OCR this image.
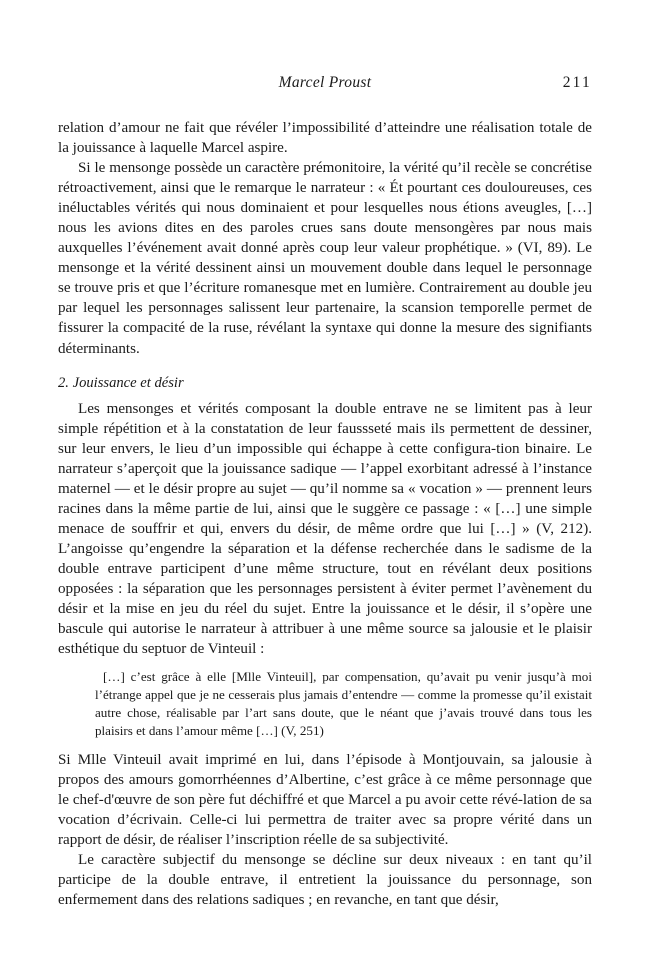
Marcel Proust	211

relation d’amour ne fait que révéler l’impossibilité d’atteindre une réalisation totale de la jouissance à laquelle Marcel aspire.

Si le mensonge possède un caractère prémonitoire, la vérité qu’il recèle se concrétise rétroactivement, ainsi que le remarque le narrateur : « Ét pourtant ces douloureuses, ces inéluctables vérités qui nous dominaient et pour lesquelles nous étions aveugles, […] nous les avions dites en des paroles crues sans doute mensongères par nous mais auxquelles l’événement avait donné après coup leur valeur prophétique. » (VI, 89). Le mensonge et la vérité dessinent ainsi un mouvement double dans lequel le personnage se trouve pris et que l’écriture romanesque met en lumière. Contrairement au double jeu par lequel les personnages salissent leur partenaire, la scansion temporelle permet de fissurer la compacité de la ruse, révélant la syntaxe qui donne la mesure des signifiants déterminants.

2. Jouissance et désir

Les mensonges et vérités composant la double entrave ne se limitent pas à leur simple répétition et à la constatation de leur faussseté mais ils permettent de dessiner, sur leur envers, le lieu d’un impossible qui échappe à cette configura-tion binaire. Le narrateur s’aperçoit que la jouissance sadique — l’appel exorbitant adressé à l’instance maternel — et le désir propre au sujet — qu’il nomme sa « vocation » — prennent leurs racines dans la même partie de lui, ainsi que le suggère ce passage : « […] une simple menace de souffrir et qui, envers du désir, de même ordre que lui […] » (V, 212). L’angoisse qu’engendre la séparation et la défense recherchée dans le sadisme de la double entrave participent d’une même structure, tout en révélant deux positions opposées : la séparation que les personnages persistent à éviter permet l’avènement du désir et la mise en jeu du réel du sujet. Entre la jouissance et le désir, il s’opère une bascule qui autorise le narrateur à attribuer à une même source sa jalousie et le plaisir esthétique du septuor de Vinteuil :

[…] c’est grâce à elle [Mlle Vinteuil], par compensation, qu’avait pu venir jusqu’à moi l’étrange appel que je ne cesserais plus jamais d’entendre — comme la promesse qu’il existait autre chose, réalisable par l’art sans doute, que le néant que j’avais trouvé dans tous les plaisirs et dans l’amour même […] (V, 251)

Si Mlle Vinteuil avait imprimé en lui, dans l’épisode à Montjouvain, sa jalousie à propos des amours gomorrhéennes d’Albertine, c’est grâce à ce même personnage que le chef-d'œuvre de son père fut déchiffré et que Marcel a pu avoir cette révé-lation de sa vocation d’écrivain. Celle-ci lui permettra de traiter avec sa propre vérité dans un rapport de désir, de réaliser l’inscription réelle de sa subjectivité.

Le caractère subjectif du mensonge se décline sur deux niveaux : en tant qu’il participe de la double entrave, il entretient la jouissance du personnage, son enfermement dans des relations sadiques ; en revanche, en tant que désir,
